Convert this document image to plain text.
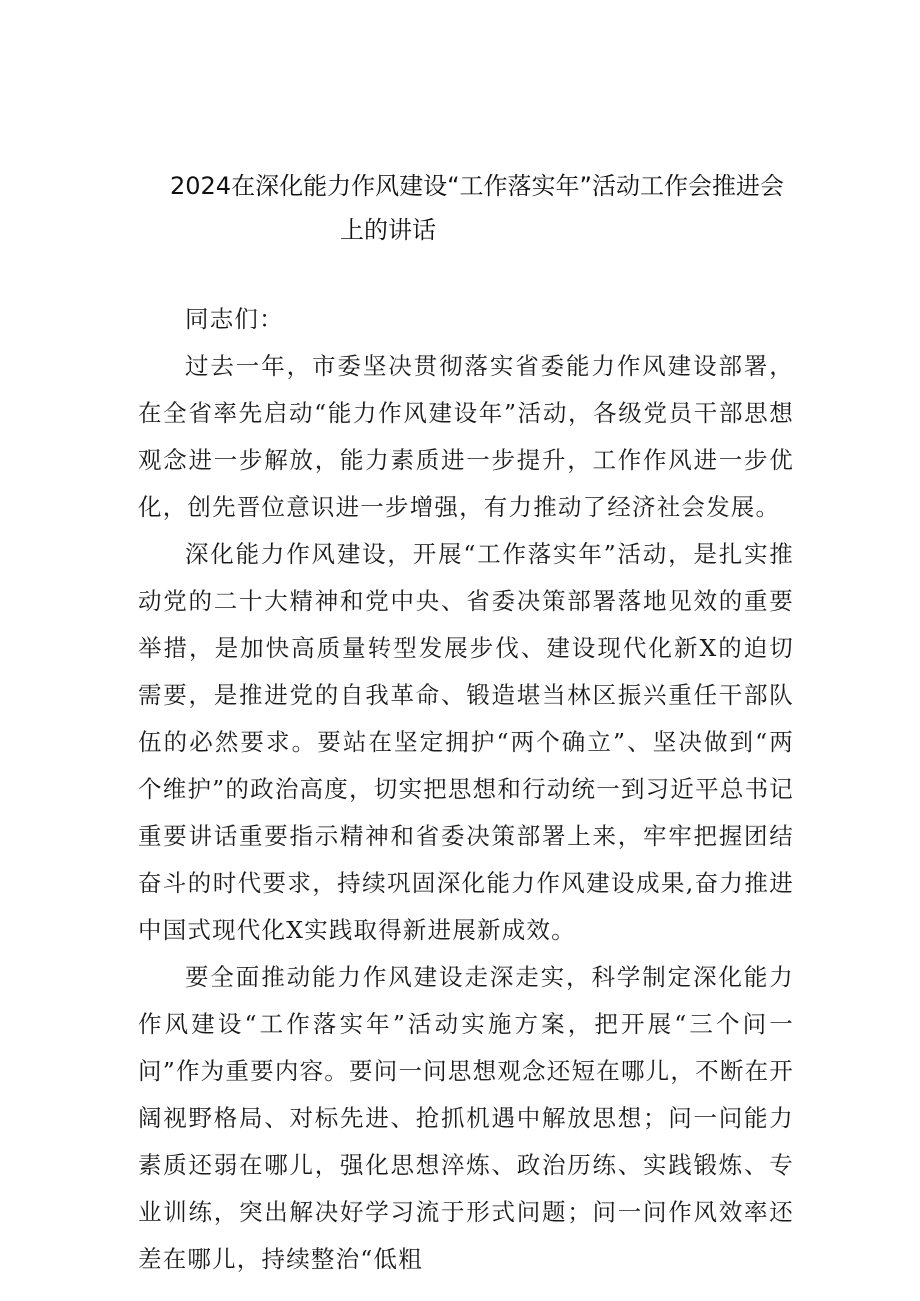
2024在深化能力作风建设“工作落实年”活动工作会推进会
上的讲话

同志们：

过去一年，市委坚决贯彻落实省委能力作风建设部署，在全省率先启动“能力作风建设年”活动，各级党员干部思想观念进一步解放，能力素质进一步提升，工作作风进一步优化，创先晋位意识进一步增强，有力推动了经济社会发展。

深化能力作风建设，开展“工作落实年”活动，是扎实推动党的二十大精神和党中央、省委决策部署落地见效的重要举措，是加快高质量转型发展步伐、建设现代化新X的迫切需要，是推进党的自我革命、锻造堪当林区振兴重任干部队伍的必然要求。要站在坚定拥护“两个确立”、坚决做到“两个维护”的政治高度，切实把思想和行动统一到习近平总书记重要讲话重要指示精神和省委决策部署上来，牢牢把握团结奋斗的时代要求，持续巩固深化能力作风建设成果,奋力推进中国式现代化X实践取得新进展新成效。

要全面推动能力作风建设走深走实，科学制定深化能力作风建设“工作落实年”活动实施方案，把开展“三个问一问”作为重要内容。要问一问思想观念还短在哪儿，不断在开阔视野格局、对标先进、抢抓机遇中解放思想；问一问能力素质还弱在哪儿，强化思想淬炼、政治历练、实践锻炼、专业训练，突出解决好学习流于形式问题；问一问作风效率还差在哪儿，持续整治“低粗
